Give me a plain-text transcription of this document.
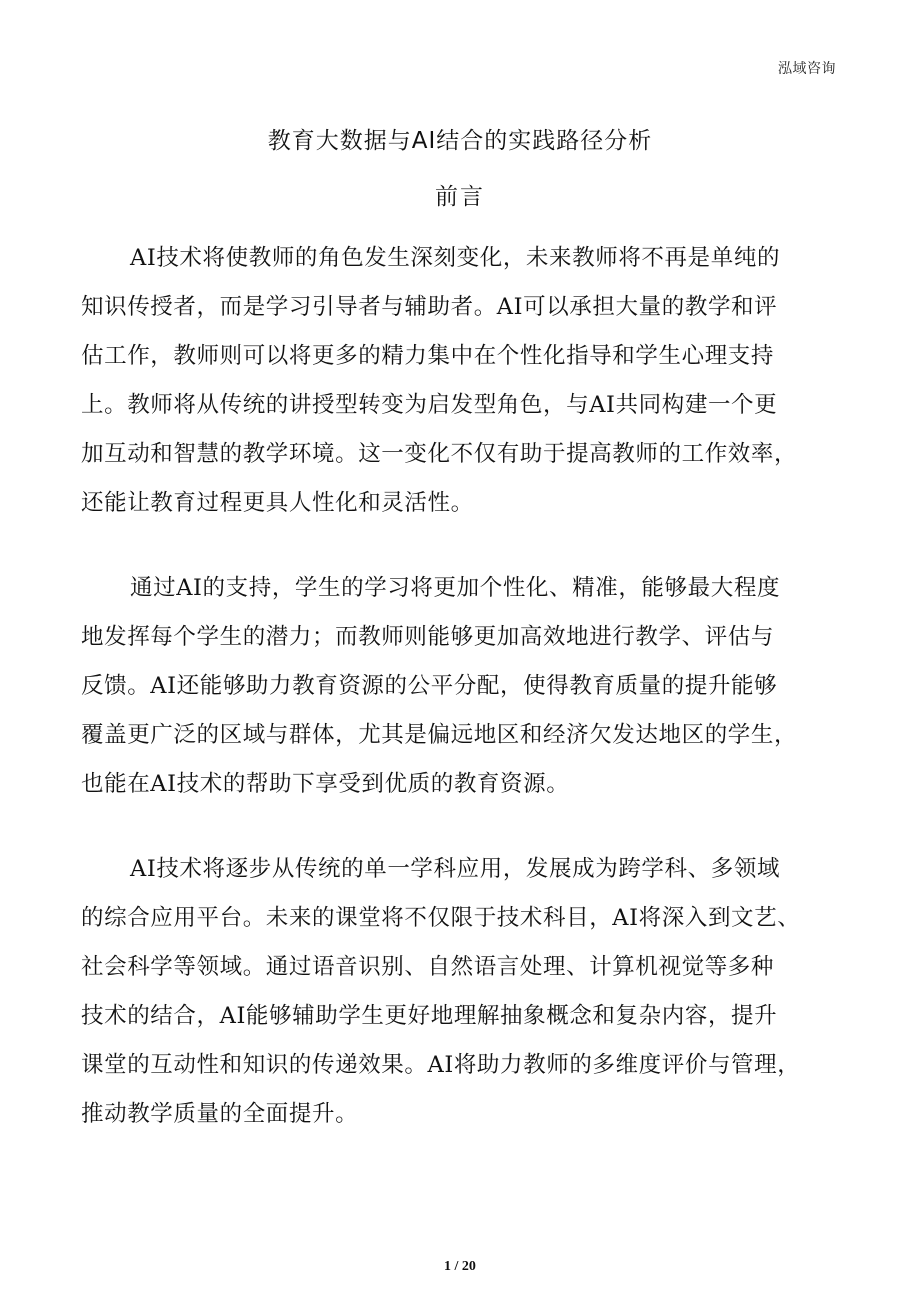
泓域咨询
教育大数据与AI结合的实践路径分析
前言
AI技术将使教师的角色发生深刻变化，未来教师将不再是单纯的
知识传授者，而是学习引导者与辅助者。AI可以承担大量的教学和评
估工作，教师则可以将更多的精力集中在个性化指导和学生心理支持
上。教师将从传统的讲授型转变为启发型角色，与AI共同构建一个更
加互动和智慧的教学环境。这一变化不仅有助于提高教师的工作效率，
还能让教育过程更具人性化和灵活性。
通过AI的支持，学生的学习将更加个性化、精准，能够最大程度
地发挥每个学生的潜力；而教师则能够更加高效地进行教学、评估与
反馈。AI还能够助力教育资源的公平分配，使得教育质量的提升能够
覆盖更广泛的区域与群体，尤其是偏远地区和经济欠发达地区的学生，
也能在AI技术的帮助下享受到优质的教育资源。
AI技术将逐步从传统的单一学科应用，发展成为跨学科、多领域
的综合应用平台。未来的课堂将不仅限于技术科目，AI将深入到文艺、
社会科学等领域。通过语音识别、自然语言处理、计算机视觉等多种
技术的结合，AI能够辅助学生更好地理解抽象概念和复杂内容，提升
课堂的互动性和知识的传递效果。AI将助力教师的多维度评价与管理，
推动教学质量的全面提升。
1 / 20
